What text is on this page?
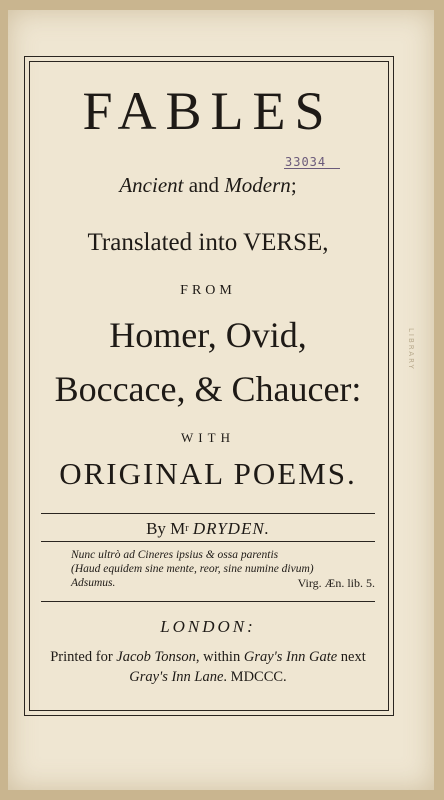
33034
LIBRARY
FABLES
Ancient and Modern;
Translated into VERSE,
FROM
Homer, Ovid,
Boccace, & Chaucer:
WITH
ORIGINAL POEMS.
By $M^r$ DRYDEN.
Nunc ultrò ad Cineres ipsius & ossa parentis
(Haud equidem sine mente, reor, sine numine divum)
Adsumus.	Virg. Æn. lib. 5.
LONDON:
Printed for Jacob Tonson, within Gray's Inn Gate next
Gray's Inn Lane. MDCCC.
